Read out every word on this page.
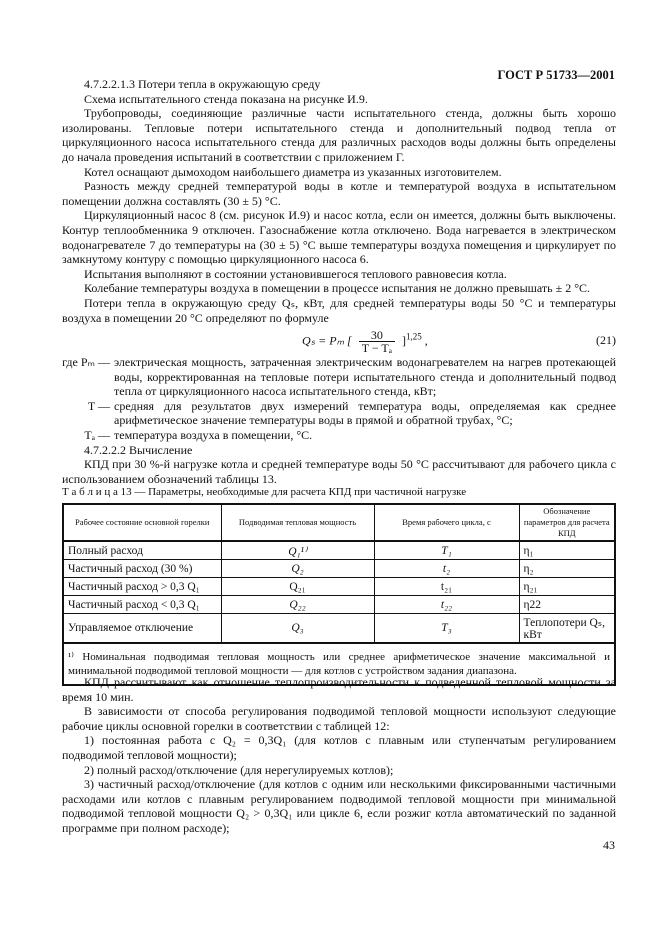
ГОСТ Р 51733—2001

4.7.2.2.1.3 Потери тепла в окружающую среду

Схема испытательного стенда показана на рисунке И.9.

Трубопроводы, соединяющие различные части испытательного стенда, должны быть хорошо изолированы. Тепловые потери испытательного стенда и дополнительный подвод тепла от циркуляционного насоса испытательного стенда для различных расходов воды должны быть определены до начала проведения испытаний в соответствии с приложением Г.

Котел оснащают дымоходом наибольшего диаметра из указанных изготовителем.

Разность между средней температурой воды в котле и температурой воздуха в испытательном помещении должна составлять (30 ± 5) °С.

Циркуляционный насос 8 (см. рисунок И.9) и насос котла, если он имеется, должны быть выключены. Контур теплообменника 9 отключен. Газоснабжение котла отключено. Вода нагревается в электрическом водонагревателе 7 до температуры на (30 ± 5) °С выше температуры воздуха помещения и циркулирует по замкнутому контуру с помощью циркуляционного насоса 6.

Испытания выполняют в состоянии установившегося теплового равновесия котла.

Колебание температуры воздуха в помещении в процессе испытания не должно превышать ± 2 °С.

Потери тепла в окружающую среду Qₛ, кВт, для средней температуры воды 50 °С и температуры воздуха в помещении 20 °С определяют по формуле

Qₛ = Pₘ [ $\frac{30}{\text{T − Tₐ}} ]^{1,25}$ ,	(21)
где Pₘ — электрическая мощность, затраченная электрическим водонагревателем на нагрев протекающей воды, корректированная на тепловые потери испытательного стенда и дополнительный подвод тепла от циркуляционного насоса испытательного стенда, кВт;
T — средняя для результатов двух измерений температура воды, определяемая как среднее арифметическое значение температуры воды в прямой и обратной трубах, °С;
Tₐ — температура воздуха в помещении, °С.

4.7.2.2.2 Вычисление

КПД при 30 %-й нагрузке котла и средней температуре воды 50 °С рассчитывают для рабочего цикла с использованием обозначений таблицы 13.

Т а б л и ц а 13 — Параметры, необходимые для расчета КПД при частичной нагрузке
Рабочее состояние основной горелки	Подводимая тепловая мощность	Время рабочего цикла, с	Обозначение параметров для расчета КПД
Полный расход	Q₁¹⁾	T₁	η₁
Частичный расход (30 %)	Q₂	t₂	η₂
Частичный расход > 0,3 Q₁	Q₂₁	t₂₁	η₂₁
Частичный расход < 0,3 Q₁	Q₂₂	t₂₂	η22
Управляемое отключение	Q₃	T₃	Теплопотери Qₛ, кВт
¹⁾ Номинальная подводимая тепловая мощность или среднее арифметическое значение максимальной и минимальной подводимой тепловой мощности — для котлов с устройством задания диапазона.			

КПД рассчитывают как отношение теплопроизводительности к подведенной тепловой мощности за время 10 мин.

В зависимости от способа регулирования подводимой тепловой мощности используют следующие рабочие циклы основной горелки в соответствии с таблицей 12:

1) постоянная работа с Q₂ = 0,3Q₁ (для котлов с плавным или ступенчатым регулированием подводимой тепловой мощности);

2) полный расход/отключение (для нерегулируемых котлов);

3) частичный расход/отключение (для котлов с одним или несколькими фиксированными частичными расходами или котлов с плавным регулированием подводимой тепловой мощности при минимальной подводимой тепловой мощности Q₂ > 0,3Q₁ или цикле 6, если розжиг котла автоматический по заданной программе при полном расходе);

43
